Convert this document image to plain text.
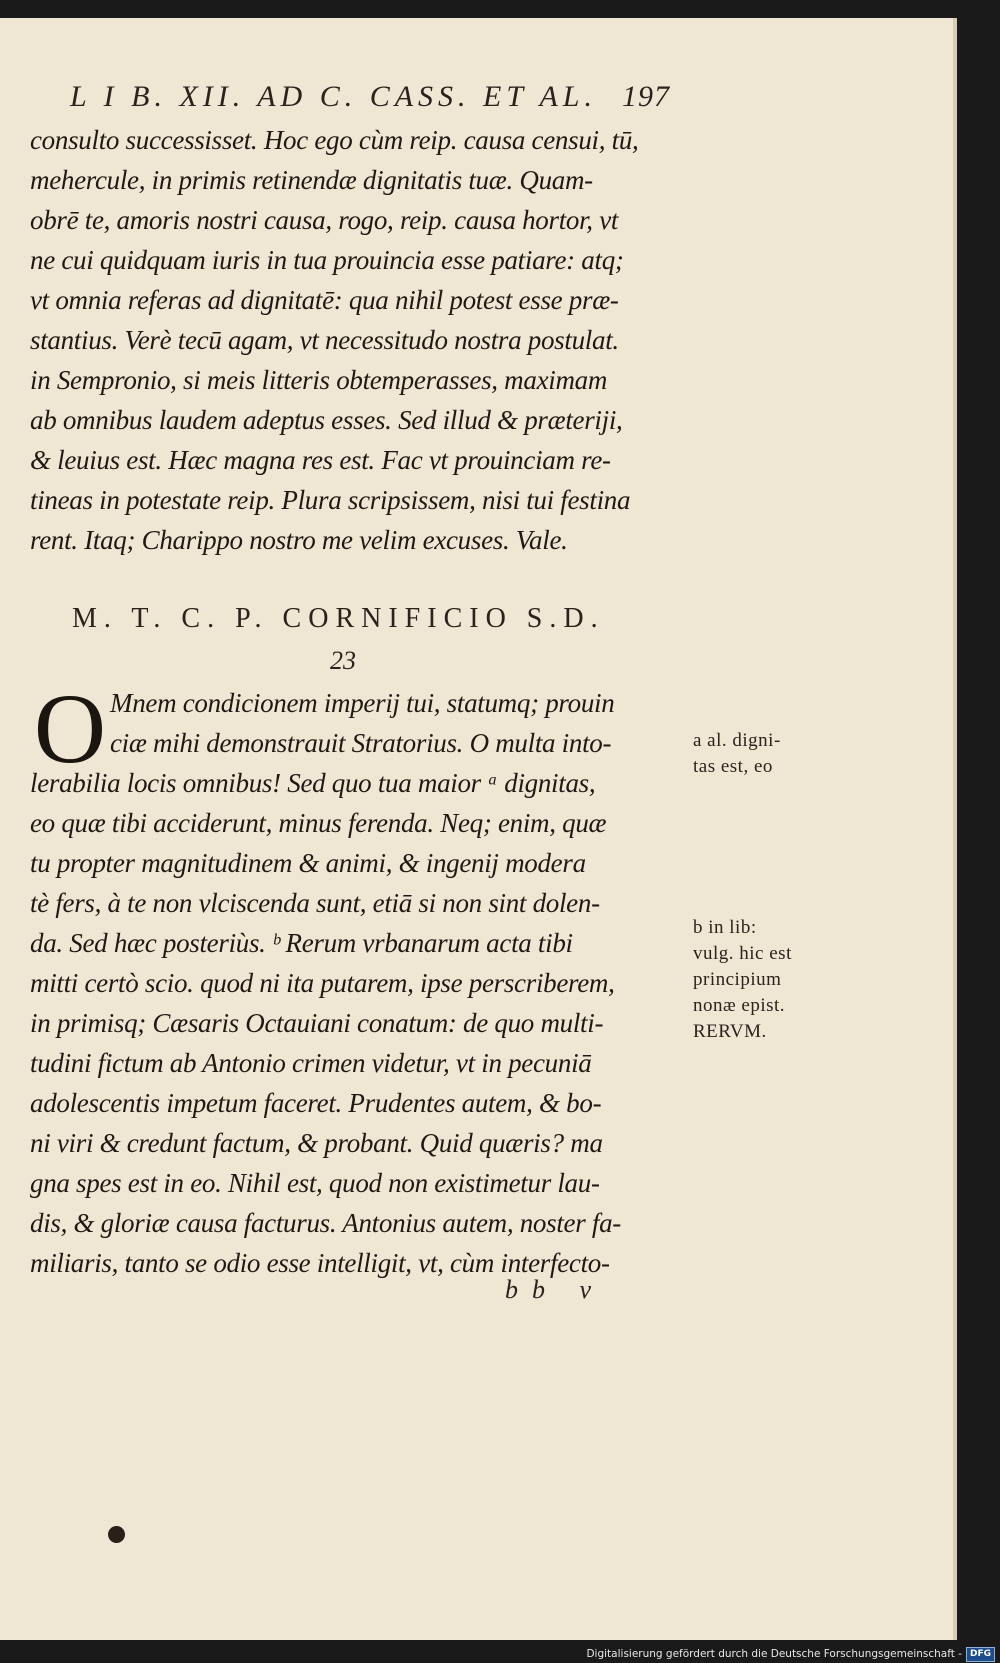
L I B. XII. AD C. CASS. ET AL. 197
consulto successisset. Hoc ego cùm reip. causa censui, tū,
mehercule, in primis retinendæ dignitatis tuæ. Quam-
obrē te, amoris nostri causa, rogo, reip. causa hortor, vt
ne cui quidquam iuris in tua prouincia esse patiare: atq;
vt omnia referas ad dignitatē: qua nihil potest esse præ-
stantius. Verè tecū agam, vt necessitudo nostra postulat.
in Sempronio, si meis litteris obtemperasses, maximam
ab omnibus laudem adeptus esses. Sed illud & præteriji,
& leuius est. Hæc magna res est. Fac vt prouinciam re-
tineas in potestate reip. Plura scripsissem, nisi tui festina
rent. Itaq; Charippo nostro me velim excuses. Vale.
M. T. C. P. CORNIFICIO S.D.
23
O Mnem condicionem imperij tui, statumq; prouin
ciæ mihi demonstrauit Stratorius. O multa into-
lerabilia locis omnibus! Sed quo tua maior ᵃ dignitas,
eo quæ tibi acciderunt, minus ferenda. Neq; enim, quæ
tu propter magnitudinem & animi, & ingenij modera
tè fers, à te non vlciscenda sunt, etiā si non sint dolen-
da. Sed hæc posteriùs. ᵇ Rerum vrbanarum acta tibi
mitti certò scio. quod ni ita putarem, ipse perscriberem,
in primisq; Cæsaris Octauiani conatum: de quo multi-
tudini fictum ab Antonio crimen videtur, vt in pecuniā
adolescentis impetum faceret. Prudentes autem, & bo-
ni viri & credunt factum, & probant. Quid quæris? ma
gna spes est in eo. Nihil est, quod non existimetur lau-
dis, & gloriæ causa facturus. Antonius autem, noster fa-
miliaris, tanto se odio esse intelligit, vt, cùm interfecto-
a al. digni-
tas est, eo
b in lib:
vulg. hic est
principium
nonæ epist.
RERVM.
bb v
Digitalisierung gefördert durch die Deutsche Forschungsgemeinschaft - DFG
